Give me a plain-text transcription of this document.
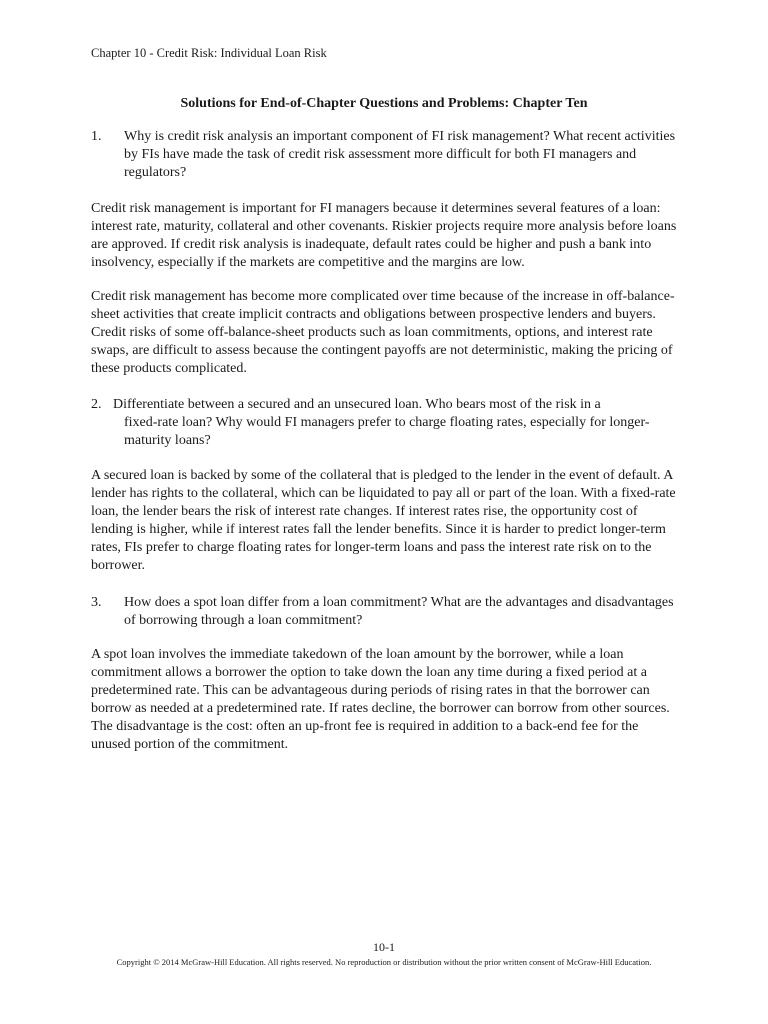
Chapter 10 - Credit Risk: Individual Loan Risk

Solutions for End-of-Chapter Questions and Problems: Chapter Ten
1. Why is credit risk analysis an important component of FI risk management? What recent activities by FIs have made the task of credit risk assessment more difficult for both FI managers and regulators?

Credit risk management is important for FI managers because it determines several features of a loan: interest rate, maturity, collateral and other covenants. Riskier projects require more analysis before loans are approved. If credit risk analysis is inadequate, default rates could be higher and push a bank into insolvency, especially if the markets are competitive and the margins are low.

Credit risk management has become more complicated over time because of the increase in off-balance-sheet activities that create implicit contracts and obligations between prospective lenders and buyers. Credit risks of some off-balance-sheet products such as loan commitments, options, and interest rate swaps, are difficult to assess because the contingent payoffs are not deterministic, making the pricing of these products complicated.

2. Differentiate between a secured and an unsecured loan. Who bears most of the risk in a
fixed-rate loan? Why would FI managers prefer to charge floating rates, especially for longer-maturity loans?

A secured loan is backed by some of the collateral that is pledged to the lender in the event of default. A lender has rights to the collateral, which can be liquidated to pay all or part of the loan. With a fixed-rate loan, the lender bears the risk of interest rate changes. If interest rates rise, the opportunity cost of lending is higher, while if interest rates fall the lender benefits. Since it is harder to predict longer-term rates, FIs prefer to charge floating rates for longer-term loans and pass the interest rate risk on to the borrower.

3. How does a spot loan differ from a loan commitment? What are the advantages and disadvantages of borrowing through a loan commitment?

A spot loan involves the immediate takedown of the loan amount by the borrower, while a loan commitment allows a borrower the option to take down the loan any time during a fixed period at a predetermined rate. This can be advantageous during periods of rising rates in that the borrower can borrow as needed at a predetermined rate. If rates decline, the borrower can borrow from other sources. The disadvantage is the cost: often an up-front fee is required in addition to a back-end fee for the unused portion of the commitment.

10-1
Copyright © 2014 McGraw-Hill Education. All rights reserved. No reproduction or distribution without the prior written consent of McGraw-Hill Education.
